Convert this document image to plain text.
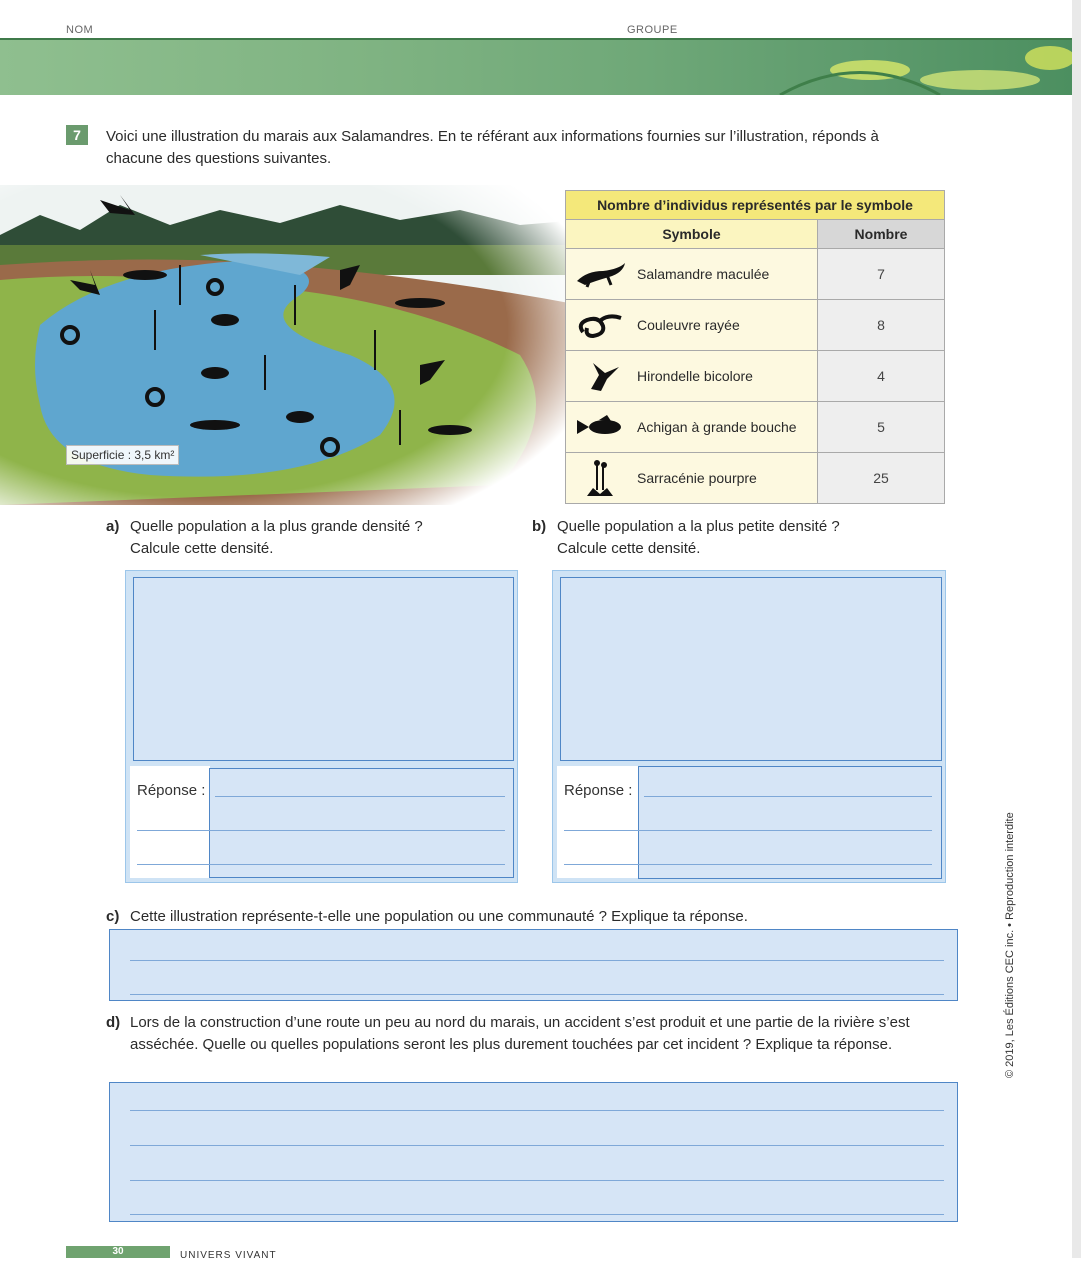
NOM	GROUPE
7	Voici une illustration du marais aux Salamandres. En te référant aux informations fournies sur l’illustration, réponds à chacune des questions suivantes.
Superficie : 3,5 km²
Nombre d’individus représentés par le symbole	
Symbole	Nombre

Salamandre maculée	7

Couleuvre rayée	8

Hirondelle bicolore	4

Achigan à grande bouche	5

Sarracénie pourpre	25
a) Quelle population a la plus grande densité ? Calcule cette densité.
b) Quelle population a la plus petite densité ? Calcule cette densité.
Réponse :	Réponse :
c) Cette illustration représente-t-elle une population ou une communauté ? Explique ta réponse.
d) Lors de la construction d’une route un peu au nord du marais, un accident s’est produit et une partie de la rivière s’est asséchée. Quelle ou quelles populations seront les plus durement touchées par cet incident ? Explique ta réponse.	© 2019, Les Éditions CEC inc. • Reproduction interdite
30	UNIVERS VIVANT
